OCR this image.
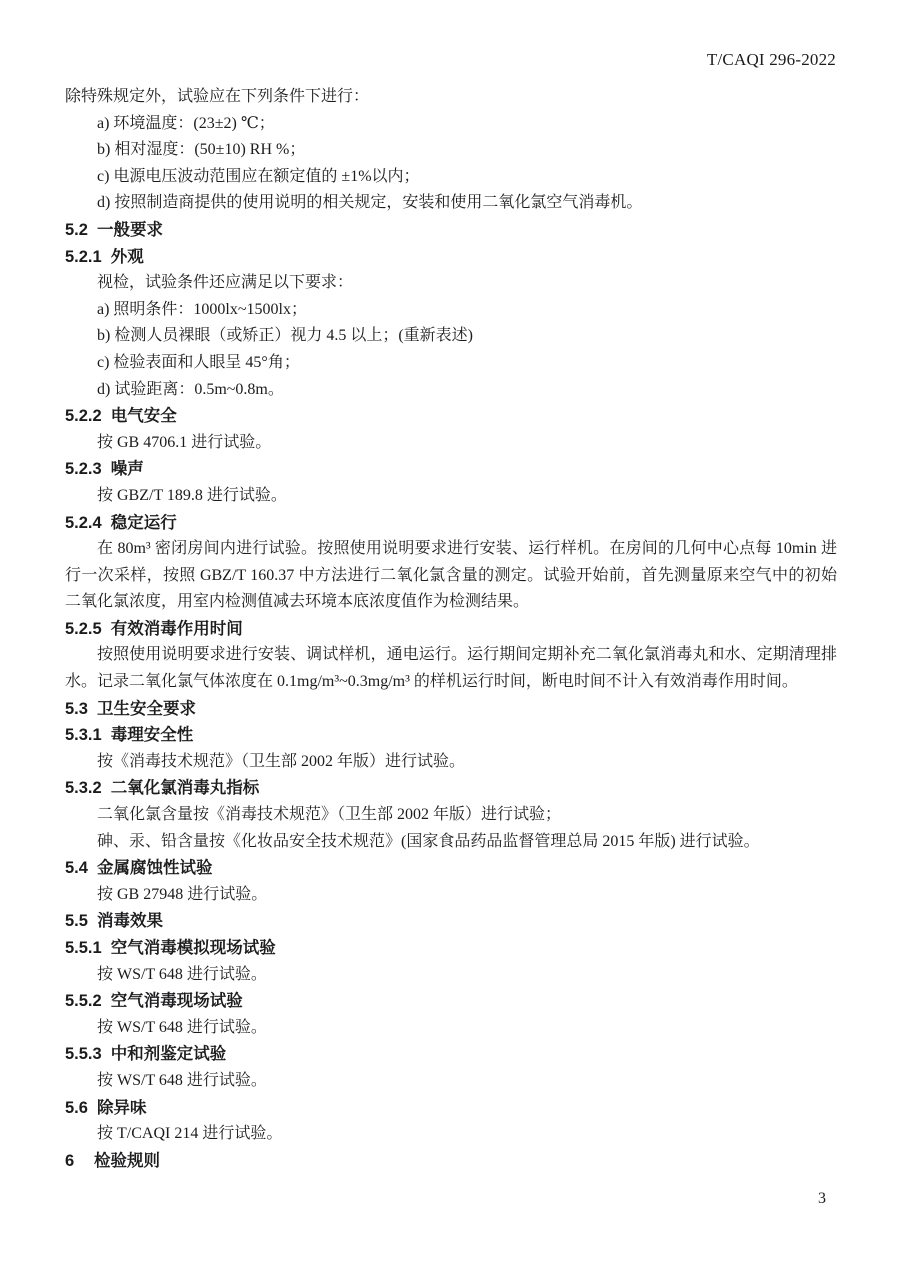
T/CAQI 296-2022
除特殊规定外，试验应在下列条件下进行：
a) 环境温度：(23±2) ℃；
b) 相对湿度：(50±10) RH %；
c) 电源电压波动范围应在额定值的 ±1%以内；
d) 按照制造商提供的使用说明的相关规定，安装和使用二氧化氯空气消毒机。
5.2 一般要求
5.2.1 外观
视检，试验条件还应满足以下要求：
a) 照明条件：1000lx~1500lx；
b) 检测人员裸眼（或矫正）视力 4.5 以上；(重新表述)
c) 检验表面和人眼呈 45°角；
d) 试验距离：0.5m~0.8m。
5.2.2 电气安全
按 GB 4706.1 进行试验。
5.2.3 噪声
按 GBZ/T 189.8 进行试验。
5.2.4 稳定运行
在 80m³ 密闭房间内进行试验。按照使用说明要求进行安装、运行样机。在房间的几何中心点每 10min 进行一次采样，按照 GBZ/T 160.37 中方法进行二氧化氯含量的测定。试验开始前，首先测量原来空气中的初始二氧化氯浓度，用室内检测值减去环境本底浓度值作为检测结果。
5.2.5 有效消毒作用时间
按照使用说明要求进行安装、调试样机，通电运行。运行期间定期补充二氧化氯消毒丸和水、定期清理排水。记录二氧化氯气体浓度在 0.1mg/m³~0.3mg/m³ 的样机运行时间，断电时间不计入有效消毒作用时间。
5.3 卫生安全要求
5.3.1 毒理安全性
按《消毒技术规范》（卫生部 2002 年版）进行试验。
5.3.2 二氧化氯消毒丸指标
二氧化氯含量按《消毒技术规范》（卫生部 2002 年版）进行试验；
砷、汞、铅含量按《化妆品安全技术规范》(国家食品药品监督管理总局 2015 年版) 进行试验。
5.4 金属腐蚀性试验
按 GB 27948 进行试验。
5.5 消毒效果
5.5.1 空气消毒模拟现场试验
按 WS/T 648 进行试验。
5.5.2 空气消毒现场试验
按 WS/T 648 进行试验。
5.5.3 中和剂鉴定试验
按 WS/T 648 进行试验。
5.6 除异味
按 T/CAQI 214 进行试验。
6 检验规则
3
